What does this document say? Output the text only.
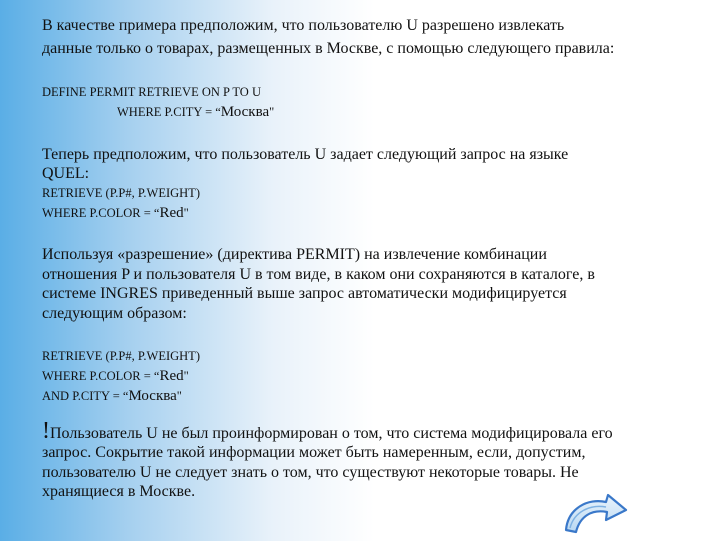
В качестве примера предположим, что пользователю U разрешено извлекать

данные только о товарах, размещенных в Москве, с помощью следующего правила:

DEFINE PERMIT RETRIEVE ON P TO U

WHERE P.CITY = “Москва"

Теперь предположим, что пользователь U задает следующий запрос на языке

QUEL:

RETRIEVE (P.P#, P.WEIGHT)

WHERE P.COLOR = “Red"

Используя «разрешение» (директива PERMIT) на извлечение комбинации

отношения P и пользователя U в том виде, в каком они сохраняются в каталоге, в

системе INGRES приведенный выше запрос автоматически модифицируется

следующим образом:

RETRIEVE (P.P#, P.WEIGHT)

WHERE P.COLOR = “Red"

AND P.CITY = “Москва"

!Пользователь U не был проинформирован о том, что система модифицировала его

запрос. Сокрытие такой информации может быть намеренным, если, допустим,

пользователю U не следует знать о том, что существуют некоторые товары. Не

хранящиеся в Москве.
